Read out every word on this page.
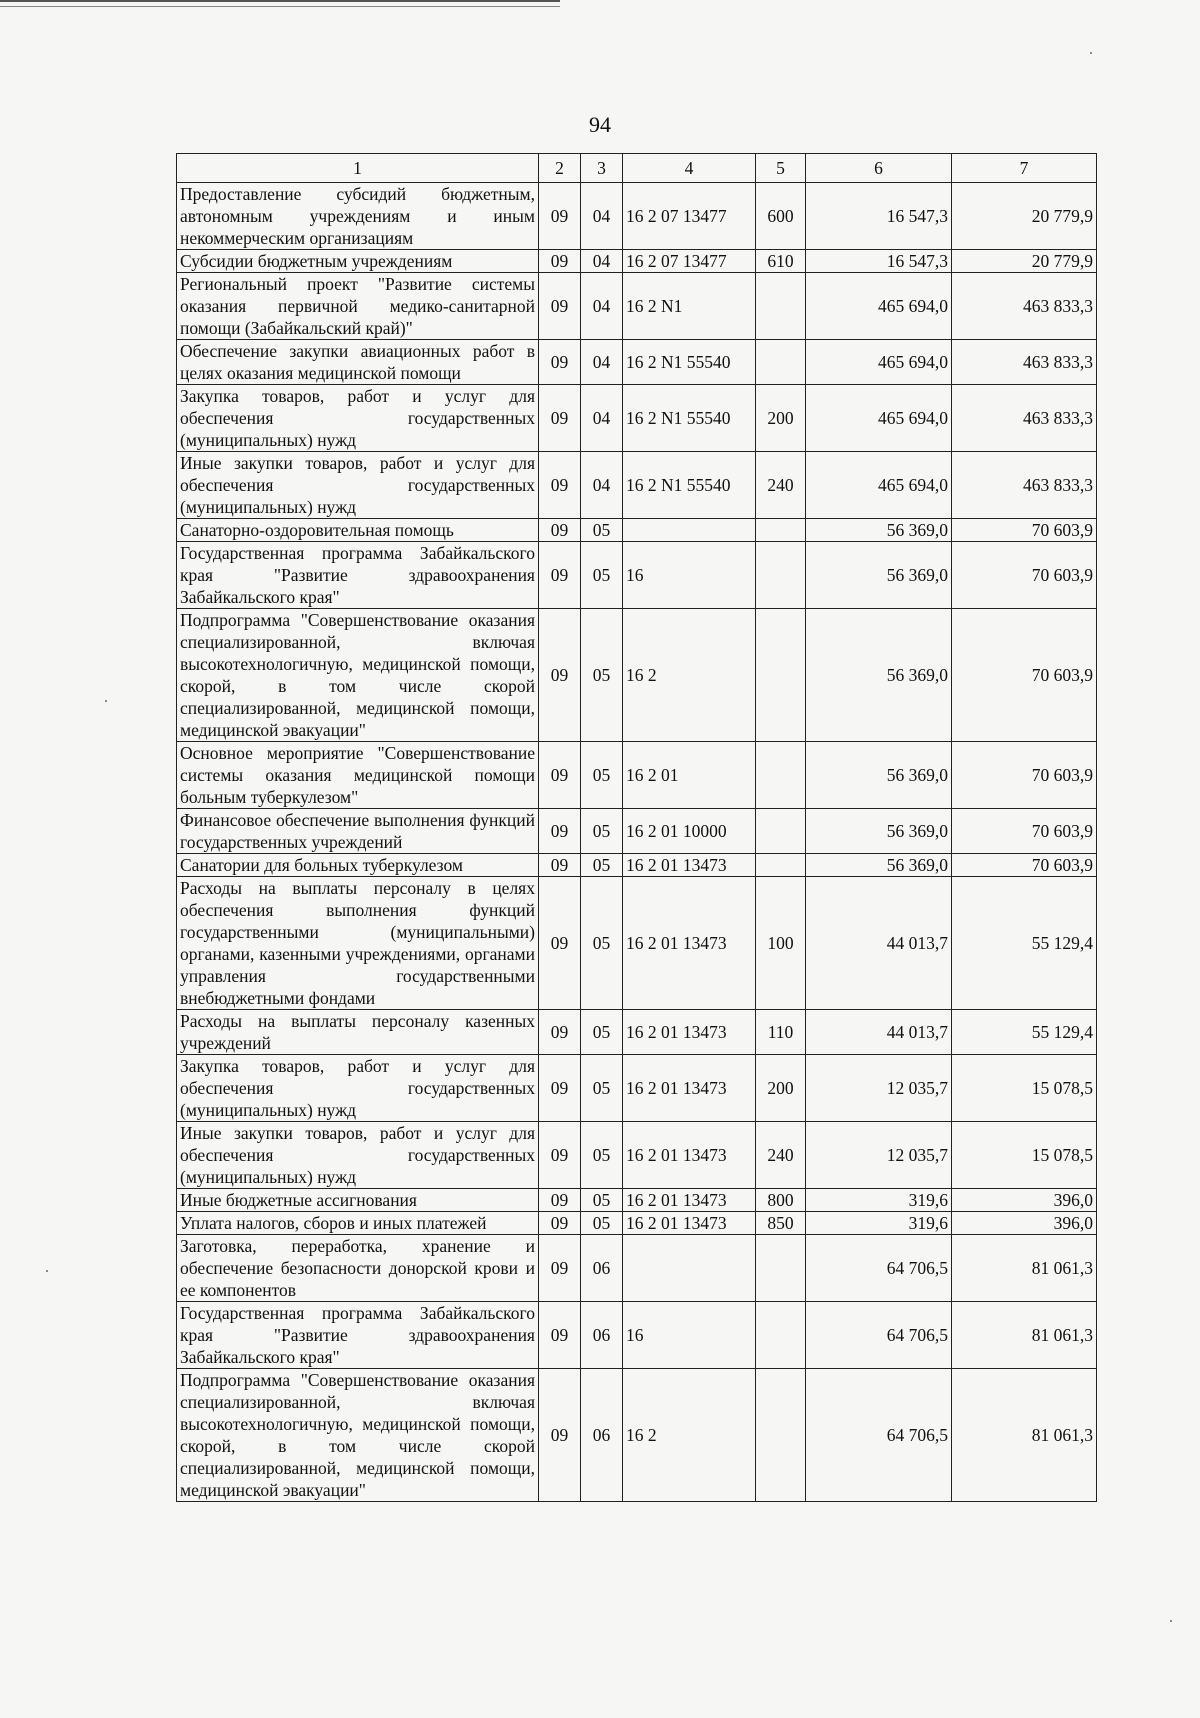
94
1	2	3	4	5	6	7
Предоставление субсидий бюджетным, автономным учреждениям и иным некоммерческим организациям	09	04	16 2 07 13477	600	16 547,3	20 779,9
Субсидии бюджетным учреждениям	09	04	16 2 07 13477	610	16 547,3	20 779,9
Региональный проект "Развитие системы оказания первичной медико-санитарной помощи (Забайкальский край)"	09	04	16 2 N1		465 694,0	463 833,3
Обеспечение закупки авиационных работ в целях оказания медицинской помощи	09	04	16 2 N1 55540		465 694,0	463 833,3
Закупка товаров, работ и услуг для обеспечения государственных (муниципальных) нужд	09	04	16 2 N1 55540	200	465 694,0	463 833,3
Иные закупки товаров, работ и услуг для обеспечения государственных (муниципальных) нужд	09	04	16 2 N1 55540	240	465 694,0	463 833,3
Санаторно-оздоровительная помощь	09	05			56 369,0	70 603,9
Государственная программа Забайкальского края "Развитие здравоохранения Забайкальского края"	09	05	16		56 369,0	70 603,9
Подпрограмма "Совершенствование оказания специализированной, включая высокотехнологичную, медицинской помощи, скорой, в том числе скорой специализированной, медицинской помощи, медицинской эвакуации"	09	05	16 2		56 369,0	70 603,9
Основное мероприятие "Совершенствование системы оказания медицинской помощи больным туберкулезом"	09	05	16 2 01		56 369,0	70 603,9
Финансовое обеспечение выполнения функций государственных учреждений	09	05	16 2 01 10000		56 369,0	70 603,9
Санатории для больных туберкулезом	09	05	16 2 01 13473		56 369,0	70 603,9
Расходы на выплаты персоналу в целях обеспечения выполнения функций государственными (муниципальными) органами, казенными учреждениями, органами управления государственными внебюджетными фондами	09	05	16 2 01 13473	100	44 013,7	55 129,4
Расходы на выплаты персоналу казенных учреждений	09	05	16 2 01 13473	110	44 013,7	55 129,4
Закупка товаров, работ и услуг для обеспечения государственных (муниципальных) нужд	09	05	16 2 01 13473	200	12 035,7	15 078,5
Иные закупки товаров, работ и услуг для обеспечения государственных (муниципальных) нужд	09	05	16 2 01 13473	240	12 035,7	15 078,5
Иные бюджетные ассигнования	09	05	16 2 01 13473	800	319,6	396,0
Уплата налогов, сборов и иных платежей	09	05	16 2 01 13473	850	319,6	396,0
Заготовка, переработка, хранение и обеспечение безопасности донорской крови и ее компонентов	09	06			64 706,5	81 061,3
Государственная программа Забайкальского края "Развитие здравоохранения Забайкальского края"	09	06	16		64 706,5	81 061,3
Подпрограмма "Совершенствование оказания специализированной, включая высокотехнологичную, медицинской помощи, скорой, в том числе скорой специализированной, медицинской помощи, медицинской эвакуации"	09	06	16 2		64 706,5	81 061,3
